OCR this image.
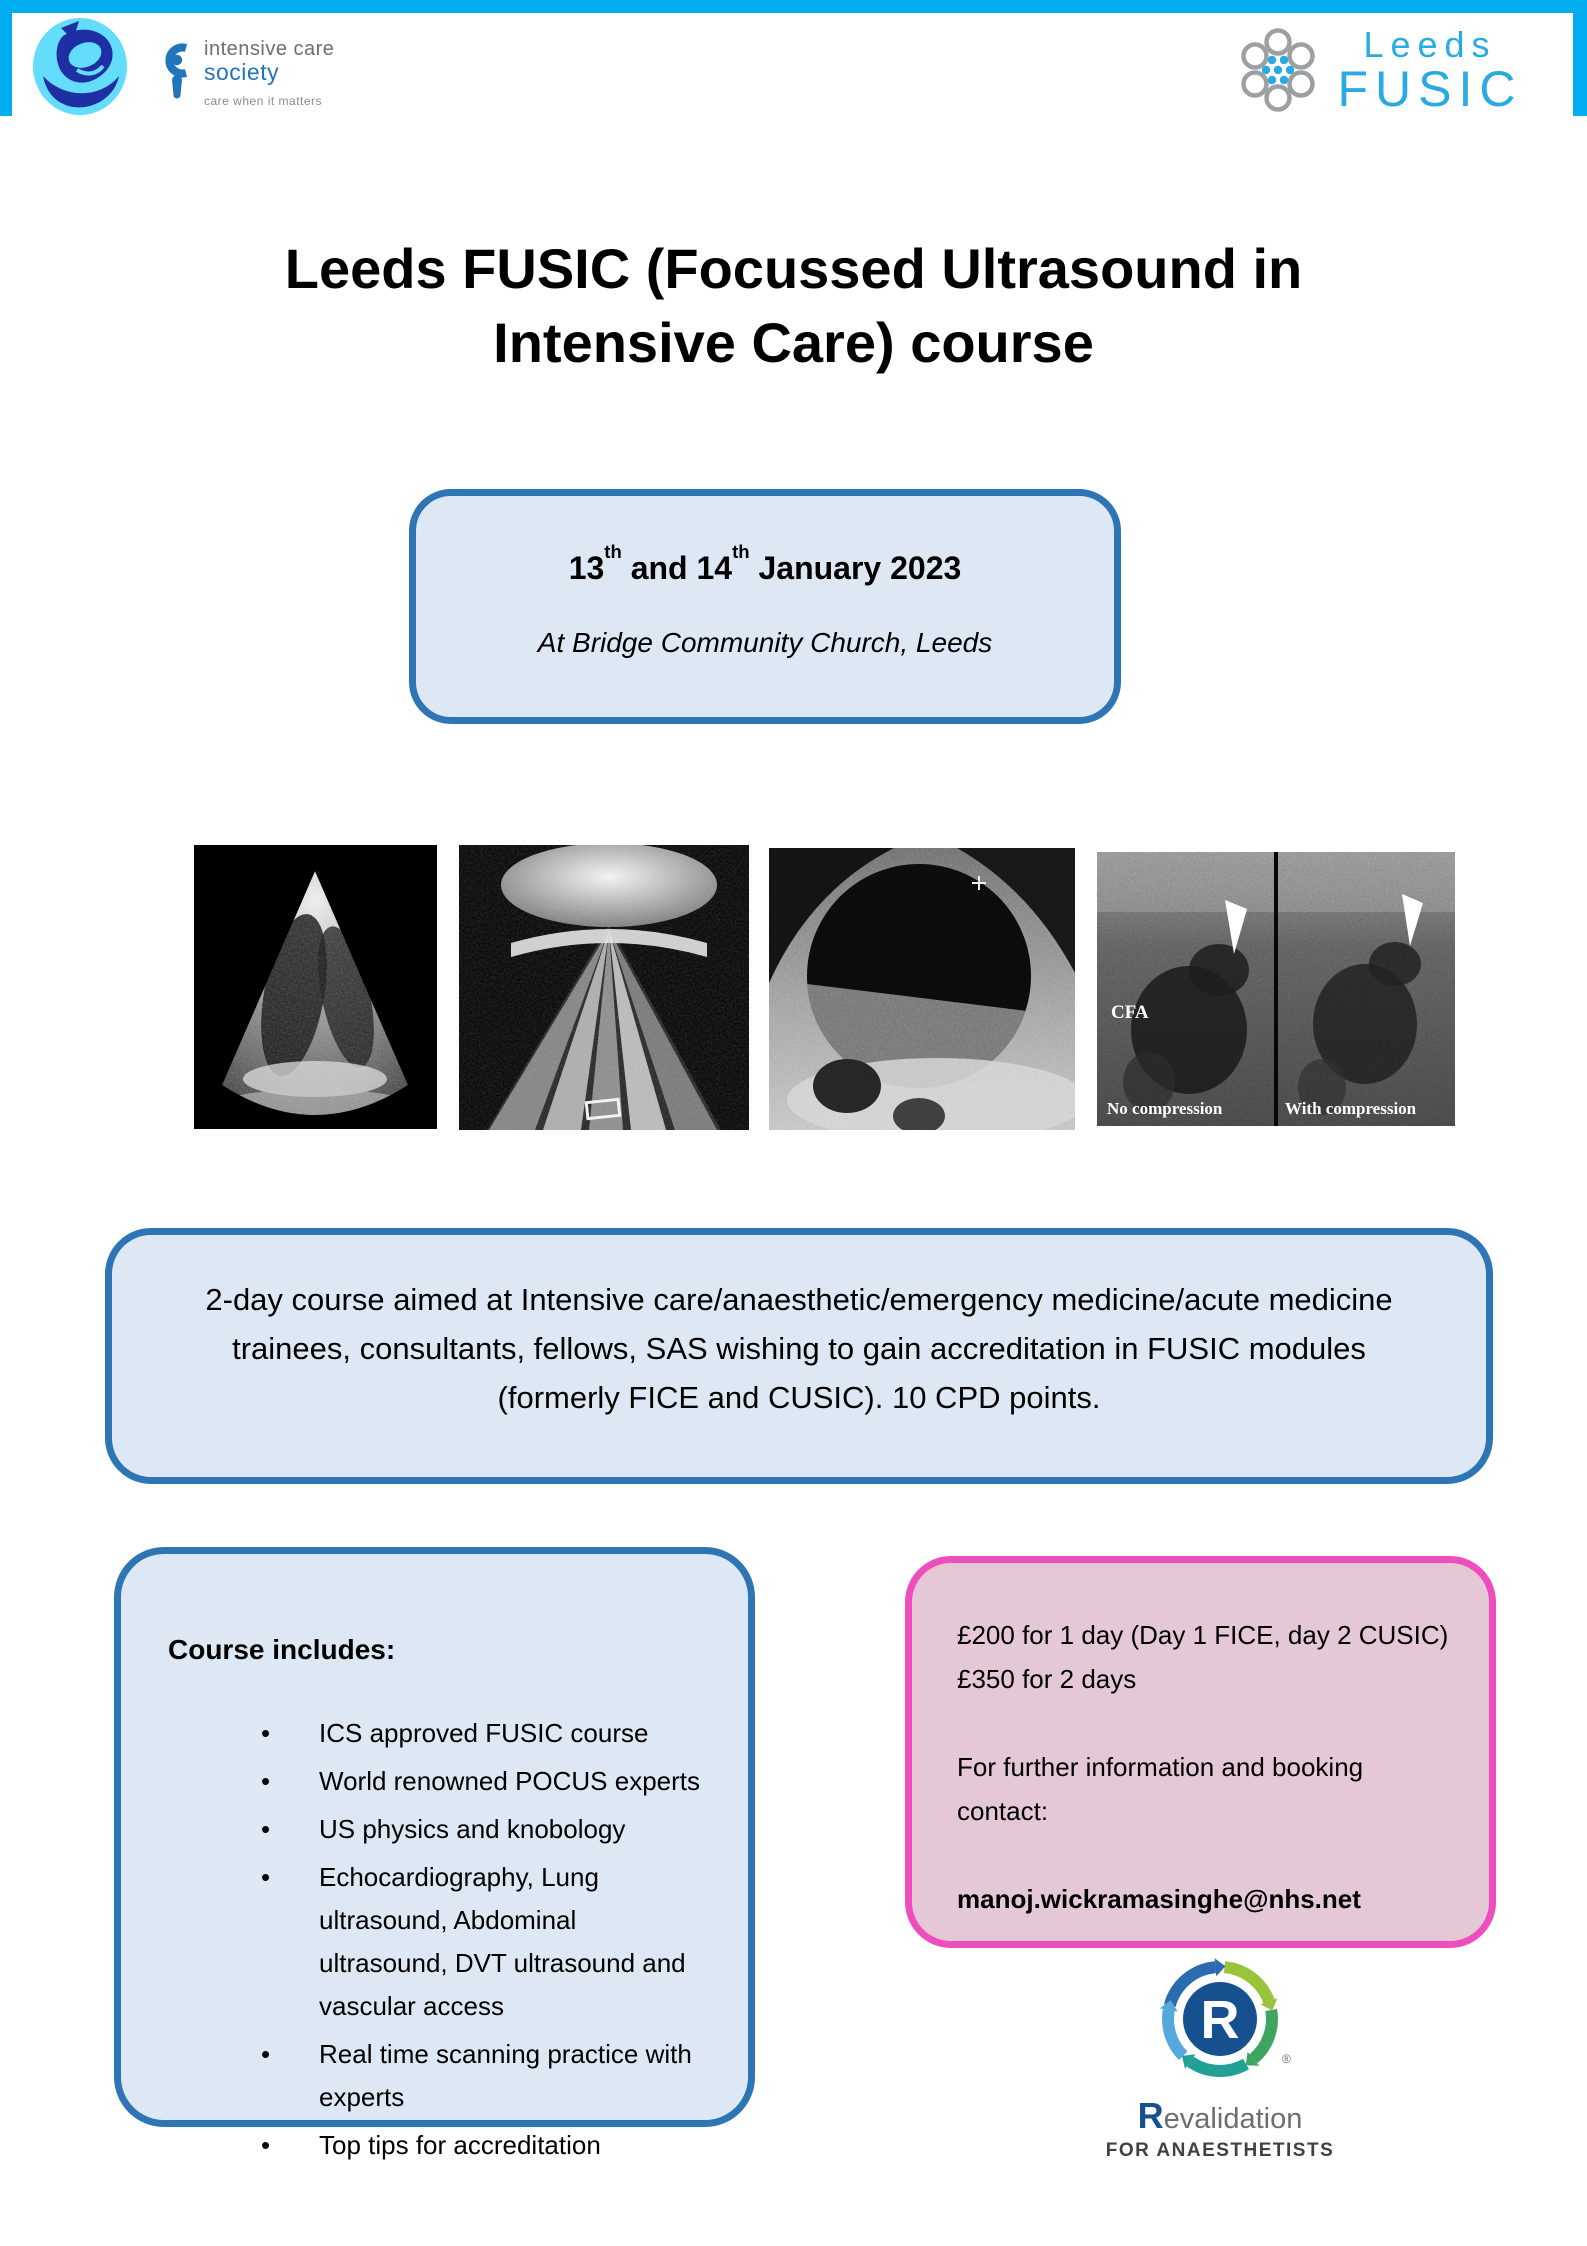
intensive care
society
care when it matters
Leeds
FUSIC
Leeds FUSIC (Focussed Ultrasound in
Intensive Care) course

13th and 14th January 2023

At Bridge Community Church, Leeds

CFA
No compression	With compression
2-day course aimed at Intensive care/anaesthetic/emergency medicine/acute medicine
trainees, consultants, fellows, SAS wishing to gain accreditation in FUSIC modules
(formerly FICE and CUSIC). 10 CPD points.
Course includes:
• ICS approved FUSIC course
• World renowned POCUS experts
• US physics and knobology
• Echocardiography, Lung ultrasound, Abdominal ultrasound, DVT ultrasound and vascular access
• Real time scanning practice with experts
• Top tips for accreditation

£200 for 1 day (Day 1 FICE, day 2 CUSIC)

£350 for 2 days

For further information and booking contact:

manoj.wickramasinghe@nhs.net

R
®
Revalidation
FOR ANAESTHETISTS
